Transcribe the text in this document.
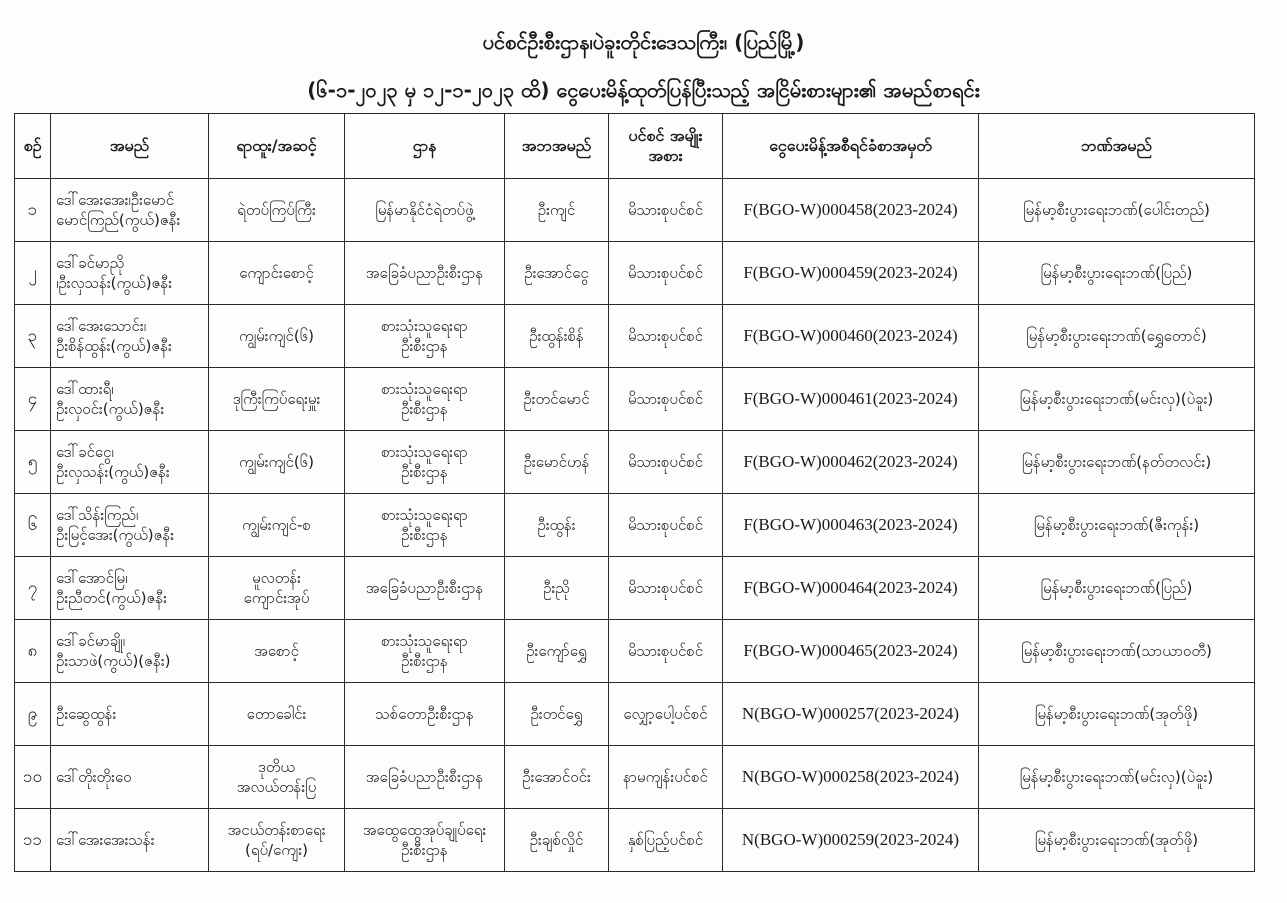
ပင်စင်ဦးစီးဌာန၊ပဲခူးတိုင်းဒေသကြီး၊ (ပြည်မြို့)
(၆-၁-၂၀၂၃ မှ ၁၂-၁-၂၀၂၃ ထိ) ငွေပေးမိန့်ထုတ်ပြန်ပြီးသည့် အငြိမ်းစားများ၏ အမည်စာရင်း
စဉ်	အမည်	ရာထူး/အဆင့်	ဌာန	အဘအမည်	ပင်စင် အမျိုးအစား	ငွေပေးမိန့်အစီရင်ခံစာအမှတ်	ဘဏ်အမည်
၁	ဒေါ်အေးအေး၊ဦးမောင်
မောင်ကြည်(ကွယ်)ဇနီး	ရဲတပ်ကြပ်ကြီး	မြန်မာနိုင်ငံရဲတပ်ဖွဲ့	ဦးကျင်	မိသားစုပင်စင်	F(BGO-W)000458(2023-2024)	မြန်မာ့စီးပွားရေးဘဏ်(ပေါင်းတည်)
၂	ဒေါ်ခင်မာညို
၊ဦးလှသန်း(ကွယ်)ဇနီး	ကျောင်းစောင့်	အခြေခံပညာဦးစီးဌာန	ဦးအောင်ငွေ	မိသားစုပင်စင်	F(BGO-W)000459(2023-2024)	မြန်မာ့စီးပွားရေးဘဏ်(ပြည်)
၃	ဒေါ်အေးသောင်း၊
ဦးစိန်ထွန်း(ကွယ်)ဇနီး	ကျွမ်းကျင်(၆)	စားသုံးသူရေးရာ
ဦးစီးဌာန	ဦးထွန်းစိန်	မိသားစုပင်စင်	F(BGO-W)000460(2023-2024)	မြန်မာ့စီးပွားရေးဘဏ်(ရွှေတောင်)
၄	ဒေါ်ထားရီ၊
ဦးလှဝင်း(ကွယ်)ဇနီး	ဒုကြီးကြပ်ရေးမှူး	စားသုံးသူရေးရာ
ဦးစီးဌာန	ဦးတင်မောင်	မိသားစုပင်စင်	F(BGO-W)000461(2023-2024)	မြန်မာ့စီးပွားရေးဘဏ်(မင်းလှ)(ပဲခူး)
၅	ဒေါ်ခင်ငွေ၊
ဦးလှသန်း(ကွယ်)ဇနီး	ကျွမ်းကျင်(၆)	စားသုံးသူရေးရာ
ဦးစီးဌာန	ဦးမောင်ဟန်	မိသားစုပင်စင်	F(BGO-W)000462(2023-2024)	မြန်မာ့စီးပွားရေးဘဏ်(နတ်တလင်း)
၆	ဒေါ်သိန်းကြည်၊
ဦးမြင့်အေး(ကွယ်)ဇနီး	ကျွမ်းကျင်-စ	စားသုံးသူရေးရာ
ဦးစီးဌာန	ဦးထွန်း	မိသားစုပင်စင်	F(BGO-W)000463(2023-2024)	မြန်မာ့စီးပွားရေးဘဏ်(ဇီးကုန်း)
၇	ဒေါ်အောင်မြ၊
ဦးညီတင်(ကွယ်)ဇနီး	မူလတန်း
ကျောင်းအုပ်	အခြေခံပညာဦးစီးဌာန	ဦးညို	မိသားစုပင်စင်	F(BGO-W)000464(2023-2024)	မြန်မာ့စီးပွားရေးဘဏ်(ပြည်)
၈	ဒေါ်ခင်မာချို၊
ဦးသာဖဲ(ကွယ်)(ဇနီး)	အစောင့်	စားသုံးသူရေးရာ
ဦးစီးဌာန	ဦးကျော်ရွှေ	မိသားစုပင်စင်	F(BGO-W)000465(2023-2024)	မြန်မာ့စီးပွားရေးဘဏ်(သာယာဝတီ)
၉	ဦးဆွေထွန်း	တောခေါင်း	သစ်တောဦးစီးဌာန	ဦးတင်ရွှေ	လျှော့ပေါ့ပင်စင်	N(BGO-W)000257(2023-2024)	မြန်မာ့စီးပွားရေးဘဏ်(အုတ်ဖို)
၁၀	ဒေါ်တိုးတိုးဝေ	ဒုတိယ
အလယ်တန်းပြ	အခြေခံပညာဦးစီးဌာန	ဦးအောင်ဝင်း	နာမကျန်းပင်စင်	N(BGO-W)000258(2023-2024)	မြန်မာ့စီးပွားရေးဘဏ်(မင်းလှ)(ပဲခူး)
၁၁	ဒေါ်အေးအေးသန်း	အငယ်တန်းစာရေး
(ရပ်/ကျေး)	အထွေထွေအုပ်ချုပ်ရေး
ဦးစီးဌာန	ဦးချစ်လှိုင်	နှစ်ပြည့်ပင်စင်	N(BGO-W)000259(2023-2024)	မြန်မာ့စီးပွားရေးဘဏ်(အုတ်ဖို)
